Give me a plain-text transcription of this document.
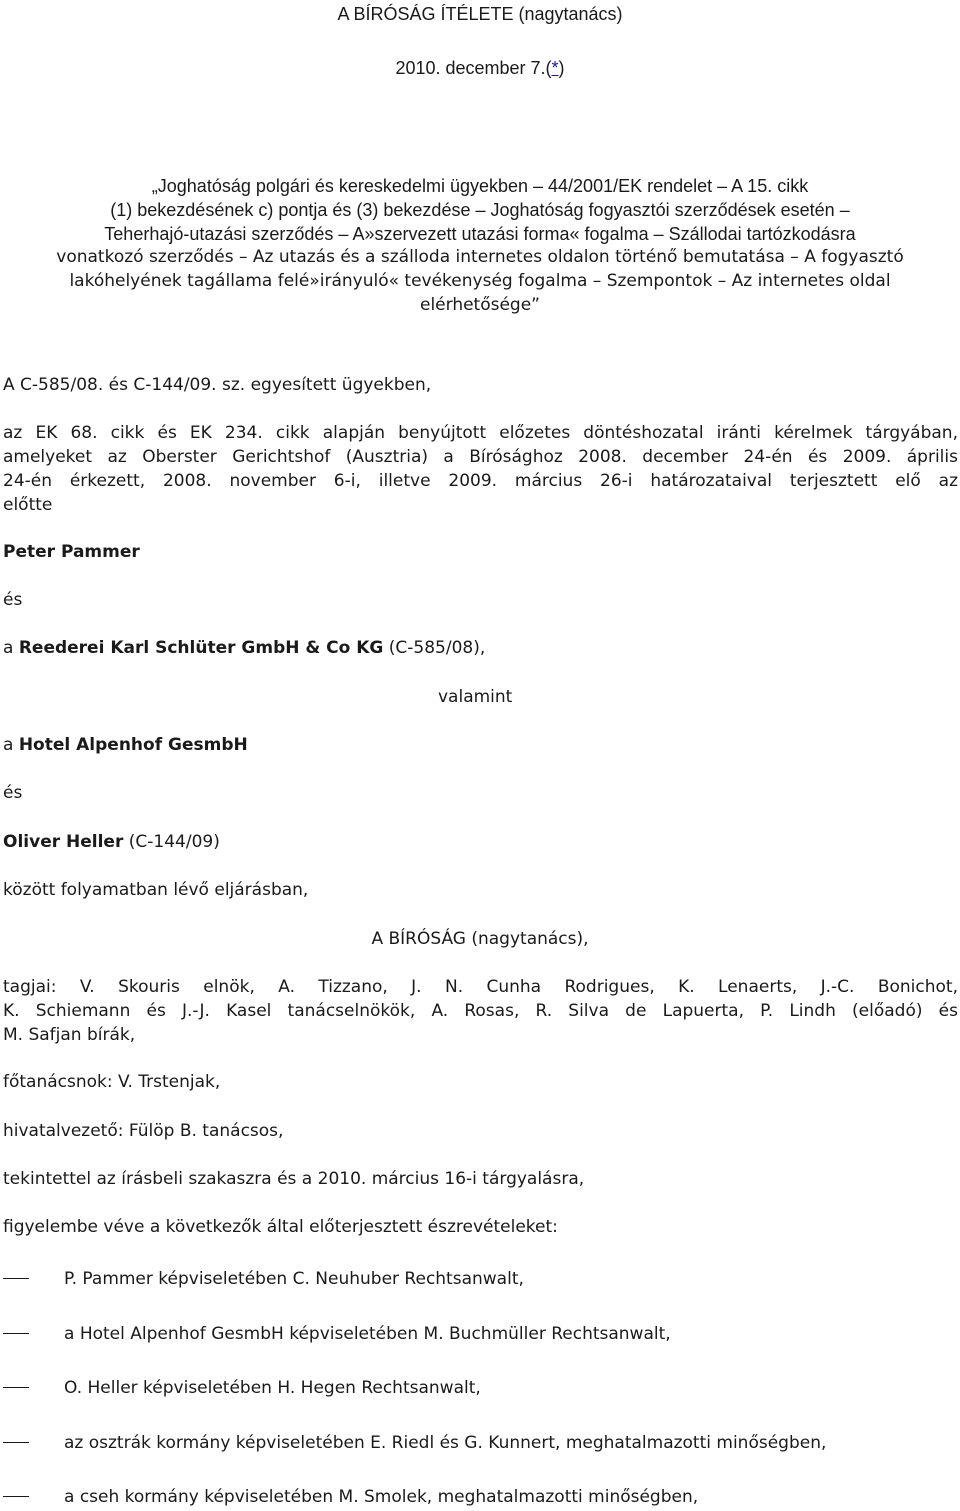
A BÍRÓSÁG ÍTÉLETE (nagytanács)
2010. december 7.(*)
„Joghatóság polgári és kereskedelmi ügyekben – 44/2001/EK rendelet – A 15. cikk
(1) bekezdésének c) pontja és (3) bekezdése – Joghatóság fogyasztói szerződések esetén –
Teherhajó-utazási szerződés – A»szervezett utazási forma« fogalma – Szállodai tartózkodásra
vonatkozó szerződés – Az utazás és a szálloda internetes oldalon történő bemutatása – A fogyasztó
lakóhelyének tagállama felé»irányuló« tevékenység fogalma – Szempontok – Az internetes oldal
elérhetősége”
A C-585/08. és C-144/09. sz. egyesített ügyekben,
az EK 68. cikk és EK 234. cikk alapján benyújtott előzetes döntéshozatal iránti kérelmek tárgyában,
amelyeket az Oberster Gerichtshof (Ausztria) a Bírósághoz 2008. december 24-én és 2009. április
24-én érkezett, 2008. november 6-i, illetve 2009. március 26-i határozataival terjesztett elő az
előtte
Peter Pammer
és
a Reederei Karl Schlüter GmbH & Co KG (C-585/08),
valamint
a Hotel Alpenhof GesmbH
és
Oliver Heller (C-144/09)
között folyamatban lévő eljárásban,
A BÍRÓSÁG (nagytanács),
tagjai: V. Skouris elnök, A. Tizzano, J. N. Cunha Rodrigues, K. Lenaerts, J.-C. Bonichot,
K. Schiemann és J.-J. Kasel tanácselnökök, A. Rosas, R. Silva de Lapuerta, P. Lindh (előadó) és
M. Safjan bírák,
főtanácsnok: V. Trstenjak,
hivatalvezető: Fülöp B. tanácsos,
tekintettel az írásbeli szakaszra és a 2010. március 16-i tárgyalásra,
figyelembe véve a következők által előterjesztett észrevételeket:
P. Pammer képviseletében C. Neuhuber Rechtsanwalt,
a Hotel Alpenhof GesmbH képviseletében M. Buchmüller Rechtsanwalt,
O. Heller képviseletében H. Hegen Rechtsanwalt,
az osztrák kormány képviseletében E. Riedl és G. Kunnert, meghatalmazotti minőségben,
a cseh kormány képviseletében M. Smolek, meghatalmazotti minőségben,
